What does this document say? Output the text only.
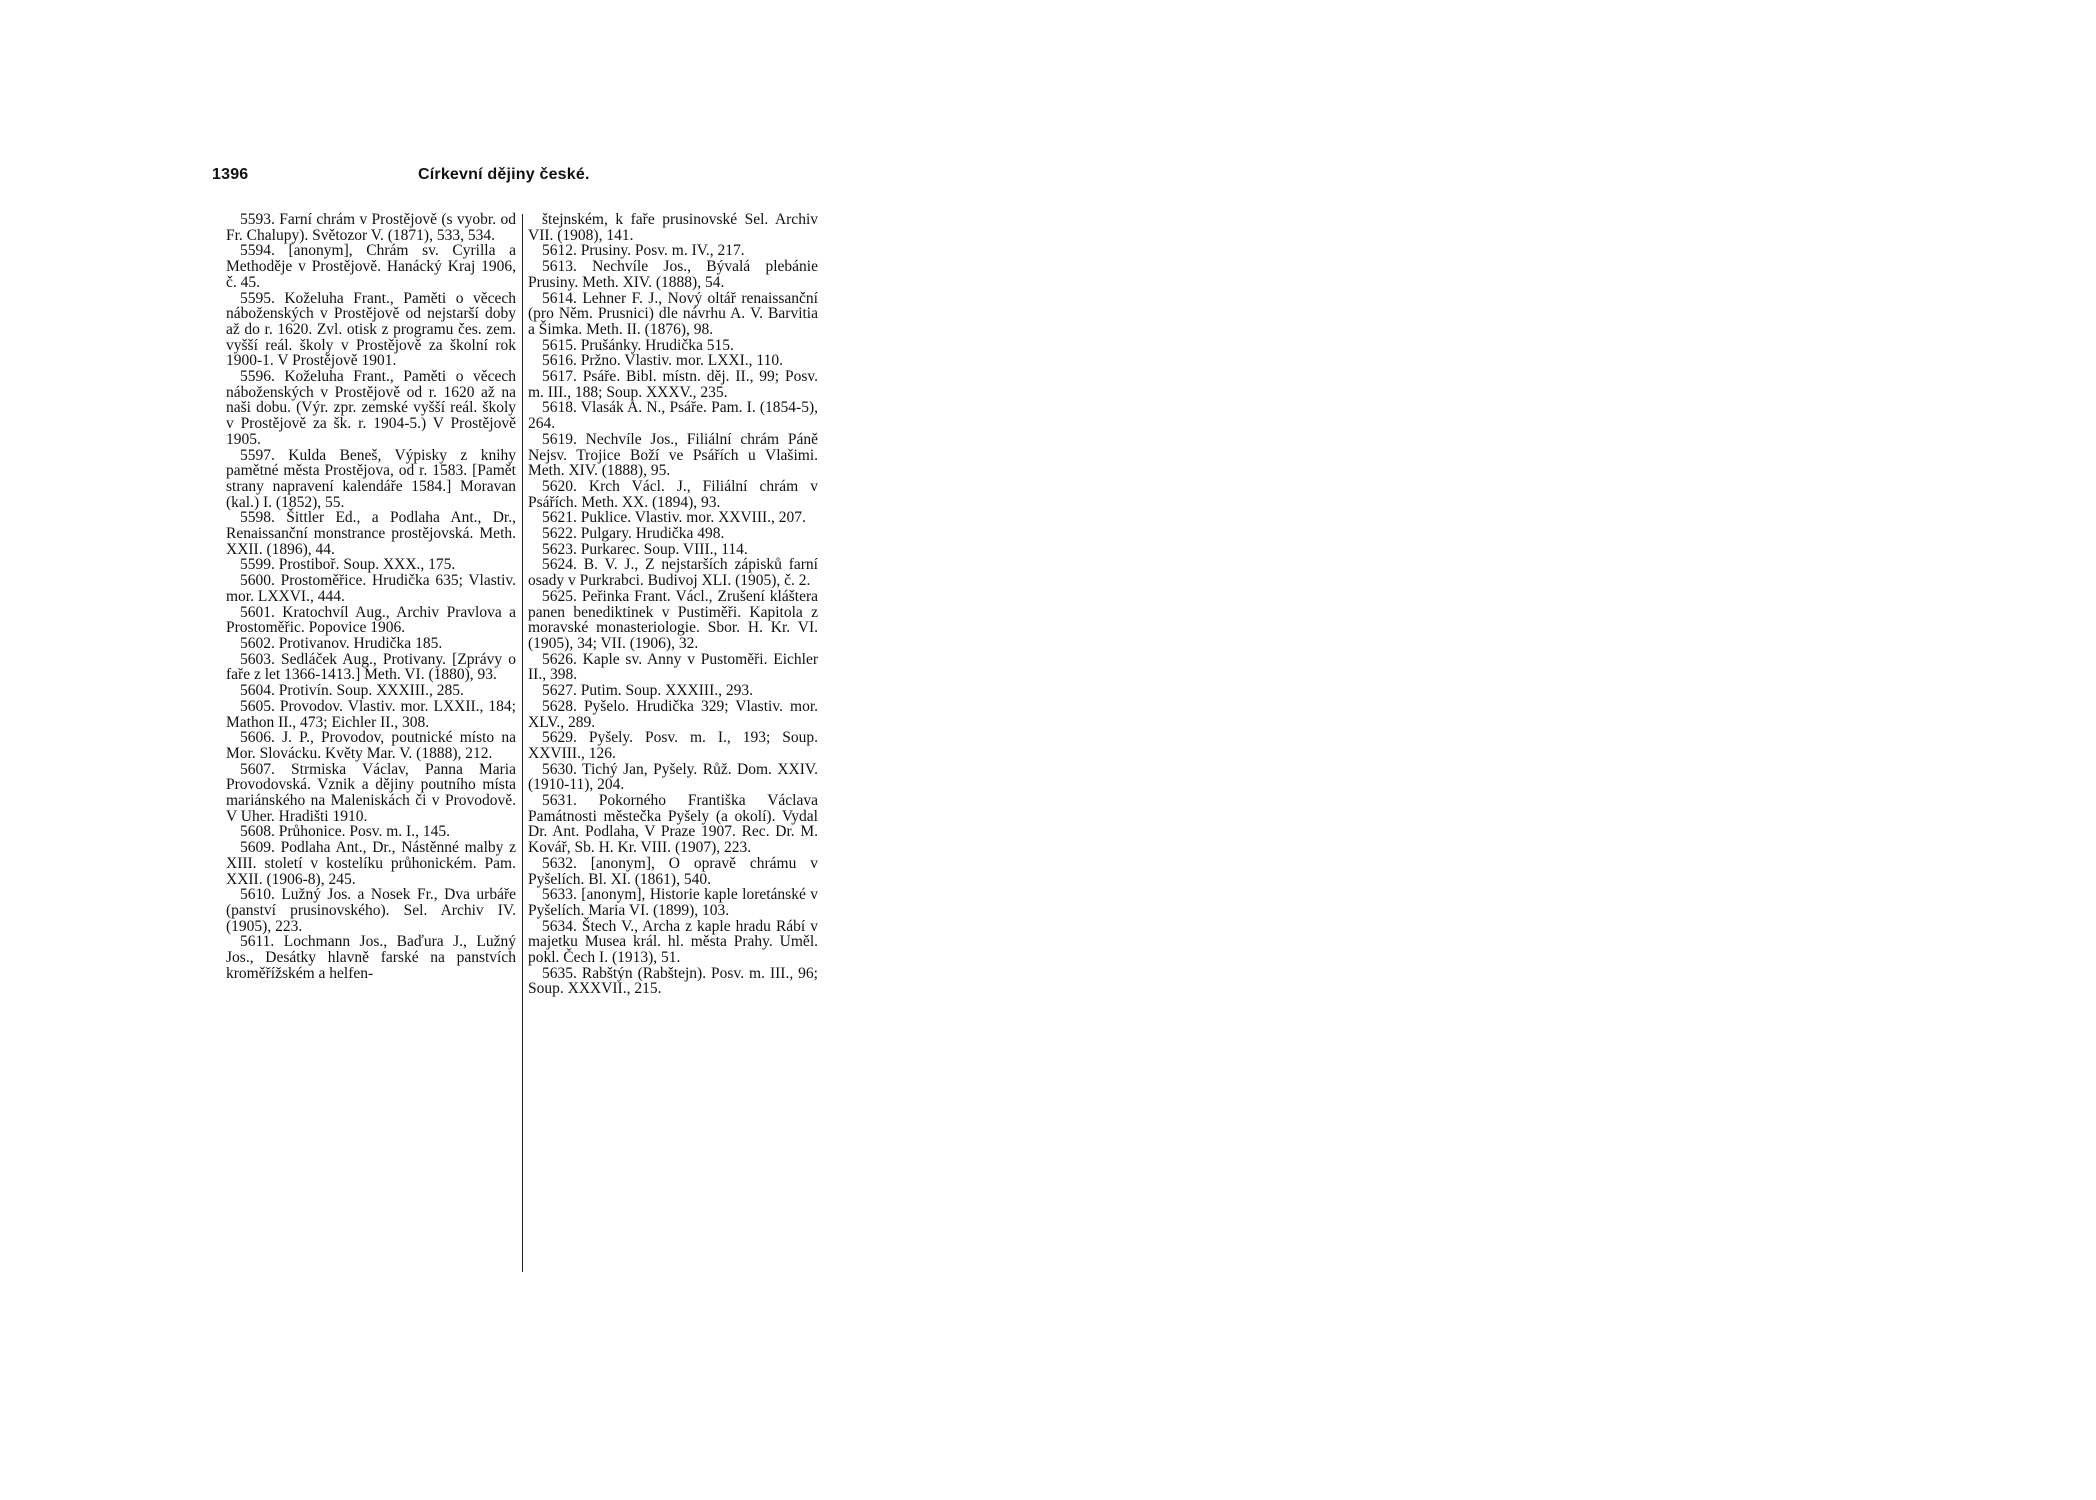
1396	Církevní dějiny české.

5593. Farní chrám v Prostějově (s vyobr. od Fr. Chalupy). Světozor V. (1871), 533, 534.

5594. [anonym], Chrám sv. Cyrilla a Methoděje v Prostějově. Hanácký Kraj 1906, č. 45.

5595. Koželuha Frant., Paměti o věcech náboženských v Prostějově od nejstarší doby až do r. 1620. Zvl. otisk z programu čes. zem. vyšší reál. školy v Prostějově za školní rok 1900-1. V Prostějově 1901.

5596. Koželuha Frant., Paměti o věcech náboženských v Prostějově od r. 1620 až na naši dobu. (Výr. zpr. zemské vyšší reál. školy v Prostějově za šk. r. 1904-5.) V Prostějově 1905.

5597. Kulda Beneš, Výpisky z knihy pamětné města Prostějova, od r. 1583. [Pamět strany napravení kalendáře 1584.] Moravan (kal.) I. (1852), 55.

5598. Šittler Ed., a Podlaha Ant., Dr., Renaissanční monstrance prostějovská. Meth. XXII. (1896), 44.

5599. Prostiboř. Soup. XXX., 175.

5600. Prostoměřice. Hrudička 635; Vlastiv. mor. LXXVI., 444.

5601. Kratochvíl Aug., Archiv Pravlova a Prostoměřic. Popovice 1906.

5602. Protivanov. Hrudička 185.

5603. Sedláček Aug., Protivany. [Zprávy o faře z let 1366-1413.] Meth. VI. (1880), 93.

5604. Protivín. Soup. XXXIII., 285.

5605. Provodov. Vlastiv. mor. LXXII., 184; Mathon II., 473; Eichler II., 308.

5606. J. P., Provodov, poutnické místo na Mor. Slovácku. Květy Mar. V. (1888), 212.

5607. Strmiska Václav, Panna Maria Provodovská. Vznik a dějiny poutního místa mariánského na Maleniskách či v Provodově. V Uher. Hradišti 1910.

5608. Průhonice. Posv. m. I., 145.

5609. Podlaha Ant., Dr., Nástěnné malby z XIII. století v kostelíku průhonickém. Pam. XXII. (1906-8), 245.

5610. Lužný Jos. a Nosek Fr., Dva urbáře (panství prusinovského). Sel. Archiv IV. (1905), 223.

5611. Lochmann Jos., Baďura J., Lužný Jos., Desátky hlavně farské na panstvích kroměřížském a helfen-

štejnském, k faře prusinovské Sel. Archiv VII. (1908), 141.

5612. Prusiny. Posv. m. IV., 217.

5613. Nechvíle Jos., Bývalá plebánie Prusiny. Meth. XIV. (1888), 54.

5614. Lehner F. J., Nový oltář renaissanční (pro Něm. Prusnici) dle návrhu A. V. Barvitia a Šimka. Meth. II. (1876), 98.

5615. Prušánky. Hrudička 515.

5616. Pržno. Vlastiv. mor. LXXI., 110.

5617. Psáře. Bibl. místn. děj. II., 99; Posv. m. III., 188; Soup. XXXV., 235.

5618. Vlasák A. N., Psáře. Pam. I. (1854-5), 264.

5619. Nechvíle Jos., Filiální chrám Páně Nejsv. Trojice Boží ve Psářích u Vlašimi. Meth. XIV. (1888), 95.

5620. Krch Václ. J., Filiální chrám v Psářích. Meth. XX. (1894), 93.

5621. Puklice. Vlastiv. mor. XXVIII., 207.

5622. Pulgary. Hrudička 498.

5623. Purkarec. Soup. VIII., 114.

5624. B. V. J., Z nejstarších zápisků farní osady v Purkrabci. Budivoj XLI. (1905), č. 2.

5625. Peřinka Frant. Václ., Zrušení kláštera panen benediktinek v Pustiměři. Kapitola z moravské monasteriologie. Sbor. H. Kr. VI. (1905), 34; VII. (1906), 32.

5626. Kaple sv. Anny v Pustoměři. Eichler II., 398.

5627. Putim. Soup. XXXIII., 293.

5628. Pyšelo. Hrudička 329; Vlastiv. mor. XLV., 289.

5629. Pyšely. Posv. m. I., 193; Soup. XXVIII., 126.

5630. Tichý Jan, Pyšely. Růž. Dom. XXIV. (1910-11), 204.

5631. Pokorného Františka Václava Památnosti městečka Pyšely (a okolí). Vydal Dr. Ant. Podlaha, V Praze 1907. Rec. Dr. M. Kovář, Sb. H. Kr. VIII. (1907), 223.

5632. [anonym], O opravě chrámu v Pyšelích. Bl. XI. (1861), 540.

5633. [anonym], Historie kaple loretánské v Pyšelích. Maria VI. (1899), 103.

5634. Štech V., Archa z kaple hradu Rábí v majetku Musea král. hl. města Prahy. Uměl. pokl. Čech I. (1913), 51.

5635. Rabštýn (Rabštejn). Posv. m. III., 96; Soup. XXXVII., 215.
